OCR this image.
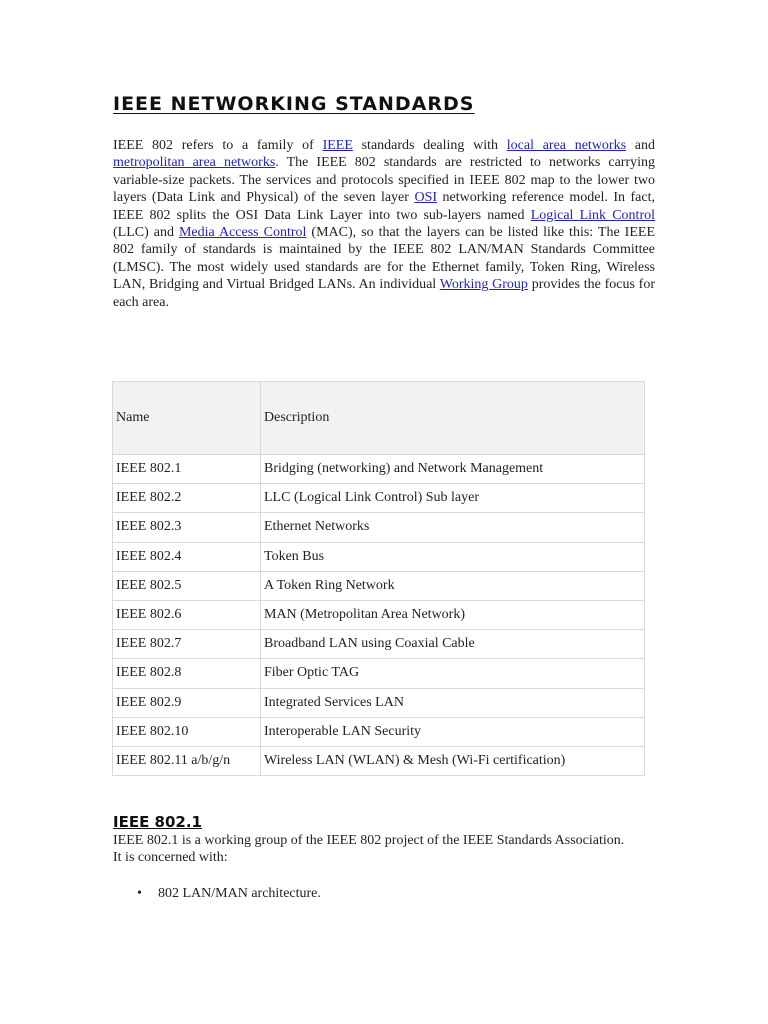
IEEE NETWORKING STANDARDS

IEEE 802 refers to a family of IEEE standards dealing with local area networks and metropolitan area networks. The IEEE 802 standards are restricted to networks carrying variable-size packets. The services and protocols specified in IEEE 802 map to the lower two layers (Data Link and Physical) of the seven layer OSI networking reference model. In fact, IEEE 802 splits the OSI Data Link Layer into two sub-layers named Logical Link Control (LLC) and Media Access Control (MAC), so that the layers can be listed like this: The IEEE 802 family of standards is maintained by the IEEE 802 LAN/MAN Standards Committee (LMSC). The most widely used standards are for the Ethernet family, Token Ring, Wireless LAN, Bridging and Virtual Bridged LANs. An individual Working Group provides the focus for each area.

Name	Description
IEEE 802.1	Bridging (networking) and Network Management
IEEE 802.2	LLC (Logical Link Control) Sub layer
IEEE 802.3	Ethernet Networks
IEEE 802.4	Token Bus
IEEE 802.5	A Token Ring Network
IEEE 802.6	MAN (Metropolitan Area Network)
IEEE 802.7	Broadband LAN using Coaxial Cable
IEEE 802.8	Fiber Optic TAG
IEEE 802.9	Integrated Services LAN
IEEE 802.10	Interoperable LAN Security
IEEE 802.11 a/b/g/n	Wireless LAN (WLAN) & Mesh (Wi-Fi certification)
IEEE 802.1
IEEE 802.1 is a working group of the IEEE 802 project of the IEEE Standards Association.
It is concerned with:
• 802 LAN/MAN architecture.
